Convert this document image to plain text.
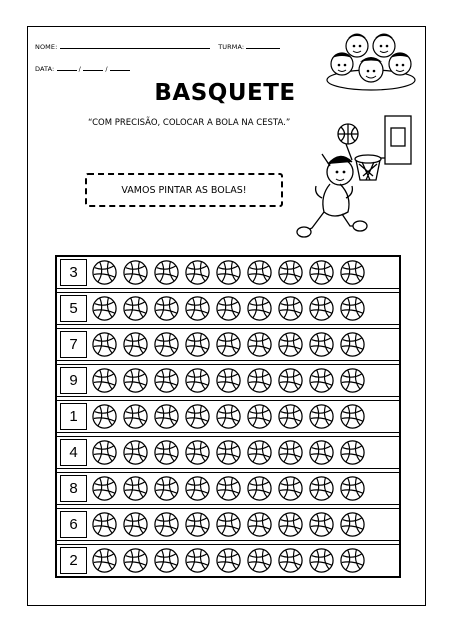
NOME:	TURMA:
DATA:	/	/
BASQUETE
“COM PRECISÃO, COLOCAR A BOLA NA CESTA.”
VAMOS PINTAR AS BOLAS!
3
5
7
9
1
4
8
6
2
